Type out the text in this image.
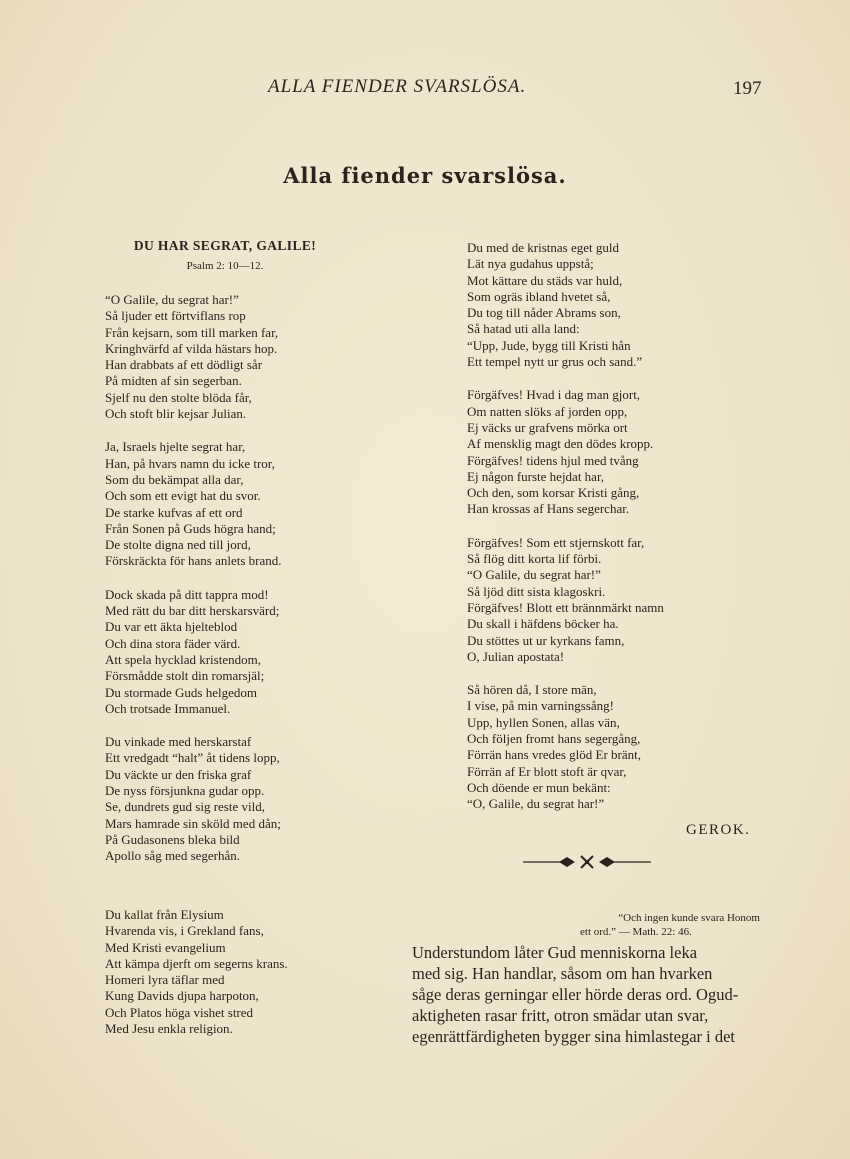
ALLA FIENDER SVARSLÖSA.	197
Alla fiender svarslösa.
DU HAR SEGRAT, GALILE!
Psalm 2: 10—12.
“O Galile, du segrat har!”
Så ljuder ett förtviflans rop
Från kejsarn, som till marken far,
Kringhvärfd af vilda hästars hop.
Han drabbats af ett dödligt sår
På midten af sin segerban.
Sjelf nu den stolte blöda får,
Och stoft blir kejsar Julian.
Ja, Israels hjelte segrat har,
Han, på hvars namn du icke tror,
Som du bekämpat alla dar,
Och som ett evigt hat du svor.
De starke kufvas af ett ord
Från Sonen på Guds högra hand;
De stolte digna ned till jord,
Förskräckta för hans anlets brand.
Dock skada på ditt tappra mod!
Med rätt du bar ditt herskarsvärd;
Du var ett äkta hjelteblod
Och dina stora fäder värd.
Att spela hycklad kristendom,
Försmådde stolt din romarsjäl;
Du stormade Guds helgedom
Och trotsade Immanuel.
Du vinkade med herskarstaf
Ett vredgadt “halt” åt tidens lopp,
Du väckte ur den friska graf
De nyss försjunkna gudar opp.
Se, dundrets gud sig reste vild,
Mars hamrade sin sköld med dån;
På Gudasonens bleka bild
Apollo såg med segerhån.
Du kallat från Elysium
Hvarenda vis, i Grekland fans,
Med Kristi evangelium
Att kämpa djerft om segerns krans.
Homeri lyra täflar med
Kung Davids djupa harpoton,
Och Platos höga vishet stred
Med Jesu enkla religion.
Du med de kristnas eget guld
Lät nya gudahus uppstå;
Mot kättare du städs var huld,
Som ogräs ibland hvetet så,
Du tog till nåder Abrams son,
Så hatad uti alla land:
“Upp, Jude, bygg till Kristi hån
Ett tempel nytt ur grus och sand.”
Förgäfves! Hvad i dag man gjort,
Om natten slöks af jorden opp,
Ej väcks ur grafvens mörka ort
Af mensklig magt den dödes kropp.
Förgäfves! tidens hjul med tvång
Ej någon furste hejdat har,
Och den, som korsar Kristi gång,
Han krossas af Hans segerchar.
Förgäfves! Som ett stjernskott far,
Så flög ditt korta lif förbi.
“O Galile, du segrat har!”
Så ljöd ditt sista klagoskri.
Förgäfves! Blott ett brännmärkt namn
Du skall i häfdens böcker ha.
Du stöttes ut ur kyrkans famn,
O, Julian apostata!
Så hören då, I store män,
I vise, på min varningssång!
Upp, hyllen Sonen, allas vän,
Och följen fromt hans segergång,
Förrän hans vredes glöd Er bränt,
Förrän af Er blott stoft är qvar,
Och döende er mun bekänt:
“O, Galile, du segrat har!”
GEROK.
“Och ingen kunde svara Honom
ett ord.” — Math. 22: 46.
Understundom låter Gud menniskorna leka
med sig. Han handlar, såsom om han hvarken
såge deras gerningar eller hörde deras ord. Ogud-
aktigheten rasar fritt, otron smädar utan svar,
egenrättfärdigheten bygger sina himlastegar i det
